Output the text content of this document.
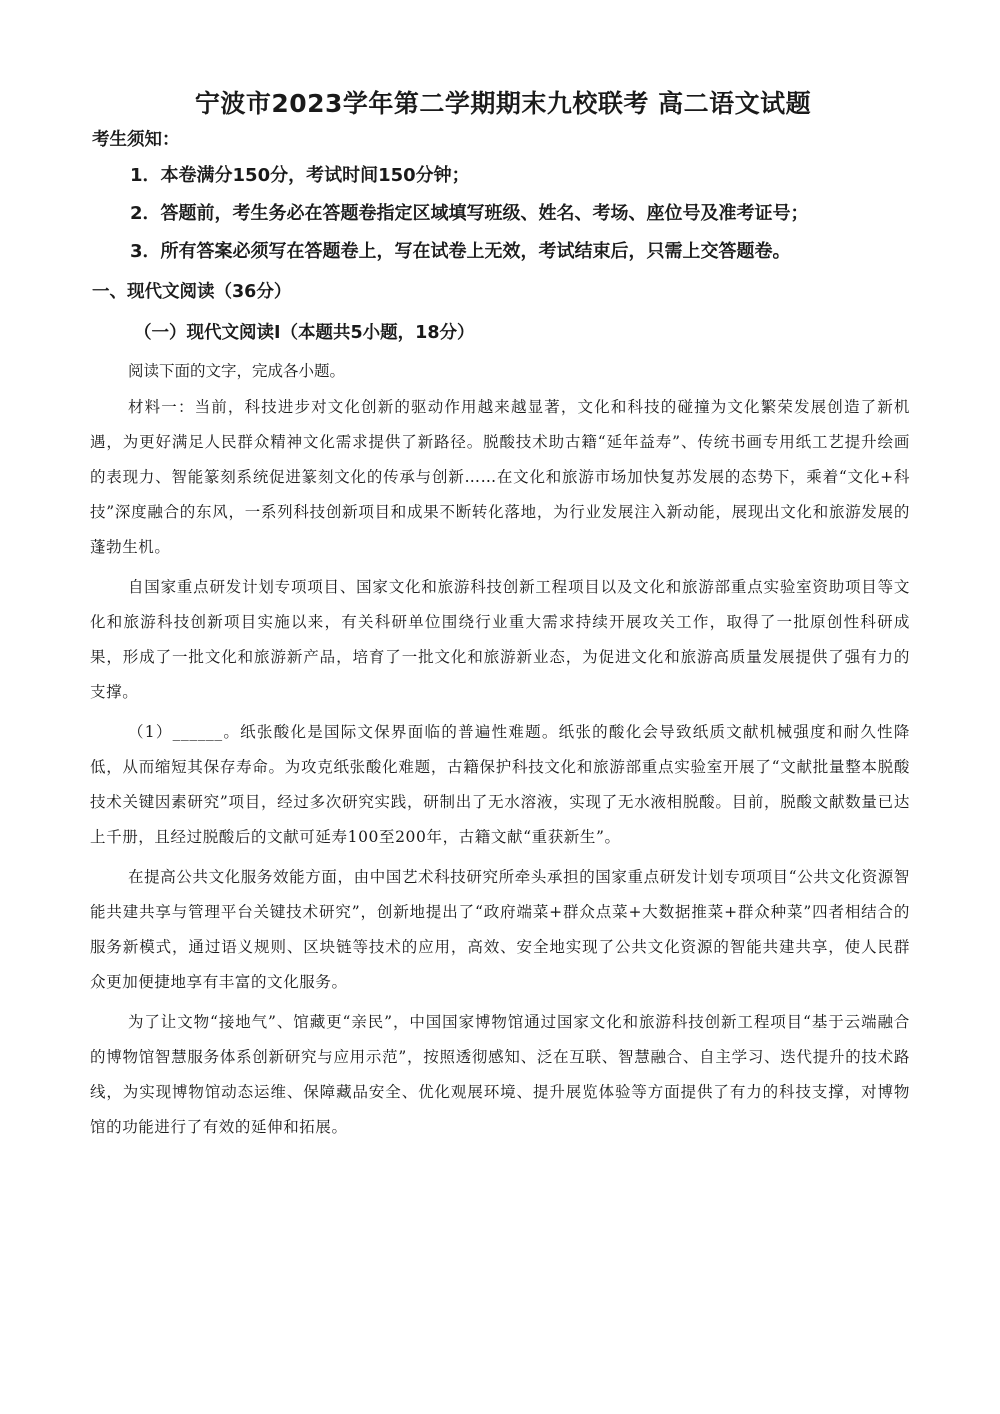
宁波市2023学年第二学期期末九校联考 高二语文试题
考生须知：
1．本卷满分150分，考试时间150分钟；
2．答题前，考生务必在答题卷指定区域填写班级、姓名、考场、座位号及准考证号；
3．所有答案必须写在答题卷上，写在试卷上无效，考试结束后，只需上交答题卷。
一、现代文阅读（36分）
（一）现代文阅读Ⅰ（本题共5小题，18分）
阅读下面的文字，完成各小题。

材料一：当前，科技进步对文化创新的驱动作用越来越显著，文化和科技的碰撞为文化繁荣发展创造了新机遇，为更好满足人民群众精神文化需求提供了新路径。脱酸技术助古籍“延年益寿”、传统书画专用纸工艺提升绘画的表现力、智能篆刻系统促进篆刻文化的传承与创新……在文化和旅游市场加快复苏发展的态势下，乘着“文化+科技”深度融合的东风，一系列科技创新项目和成果不断转化落地，为行业发展注入新动能，展现出文化和旅游发展的蓬勃生机。

自国家重点研发计划专项项目、国家文化和旅游科技创新工程项目以及文化和旅游部重点实验室资助项目等文化和旅游科技创新项目实施以来，有关科研单位围绕行业重大需求持续开展攻关工作，取得了一批原创性科研成果，形成了一批文化和旅游新产品，培育了一批文化和旅游新业态，为促进文化和旅游高质量发展提供了强有力的支撑。

（1）______。纸张酸化是国际文保界面临的普遍性难题。纸张的酸化会导致纸质文献机械强度和耐久性降低，从而缩短其保存寿命。为攻克纸张酸化难题，古籍保护科技文化和旅游部重点实验室开展了“文献批量整本脱酸技术关键因素研究”项目，经过多次研究实践，研制出了无水溶液，实现了无水液相脱酸。目前，脱酸文献数量已达上千册，且经过脱酸后的文献可延寿100至200年，古籍文献“重获新生”。

在提高公共文化服务效能方面，由中国艺术科技研究所牵头承担的国家重点研发计划专项项目“公共文化资源智能共建共享与管理平台关键技术研究”，创新地提出了“政府端菜+群众点菜+大数据推菜+群众种菜”四者相结合的服务新模式，通过语义规则、区块链等技术的应用，高效、安全地实现了公共文化资源的智能共建共享，使人民群众更加便捷地享有丰富的文化服务。

为了让文物“接地气”、馆藏更“亲民”，中国国家博物馆通过国家文化和旅游科技创新工程项目“基于云端融合的博物馆智慧服务体系创新研究与应用示范”，按照透彻感知、泛在互联、智慧融合、自主学习、迭代提升的技术路线，为实现博物馆动态运维、保障藏品安全、优化观展环境、提升展览体验等方面提供了有力的科技支撑，对博物馆的功能进行了有效的延伸和拓展。
